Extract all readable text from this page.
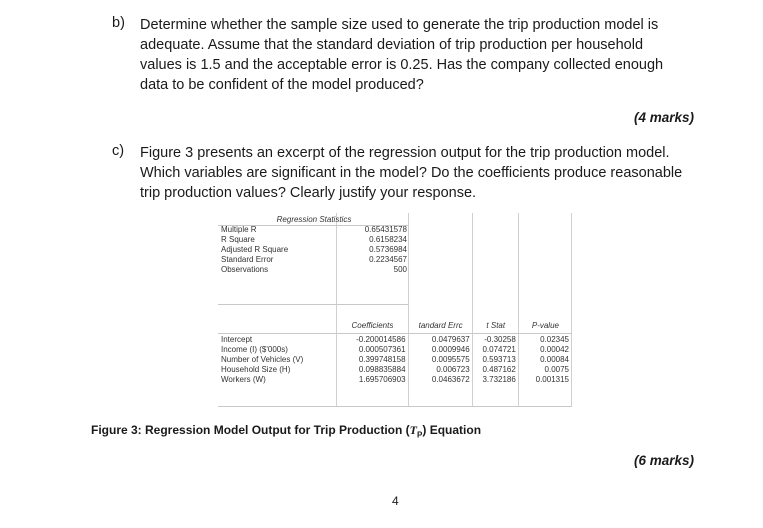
b) Determine whether the sample size used to generate the trip production model is
adequate. Assume that the standard deviation of trip production per household
values is 1.5 and the acceptable error is 0.25. Has the company collected enough
data to be confident of the model produced?
(4 marks)
c) Figure 3 presents an excerpt of the regression output for the trip production model.
Which variables are significant in the model? Do the coefficients produce reasonable
trip production values? Clearly justify your response.
Regression Statistics	
Multiple R	0.65431578
R Square	0.6158234
Adjusted R Square	0.5736984
Standard Error	0.2234567
Observations	500
	Coefficients	tandard Errc	t Stat	P-value

Intercept	-0.200014586	0.0479637	-0.30258	0.02345
Income (I) ($'000s)	0.000507361	0.0009946	0.074721	0.00042
Number of Vehicles (V)	0.399748158	0.0095575	0.593713	0.00084
Household Size (H)	0.098835884	0.006723	0.487162	0.0075
Workers (W)	1.695706903	0.0463672	3.732186	0.001315
Figure 3: Regression Model Output for Trip Production $(T_P)$ Equation
(6 marks)
4
